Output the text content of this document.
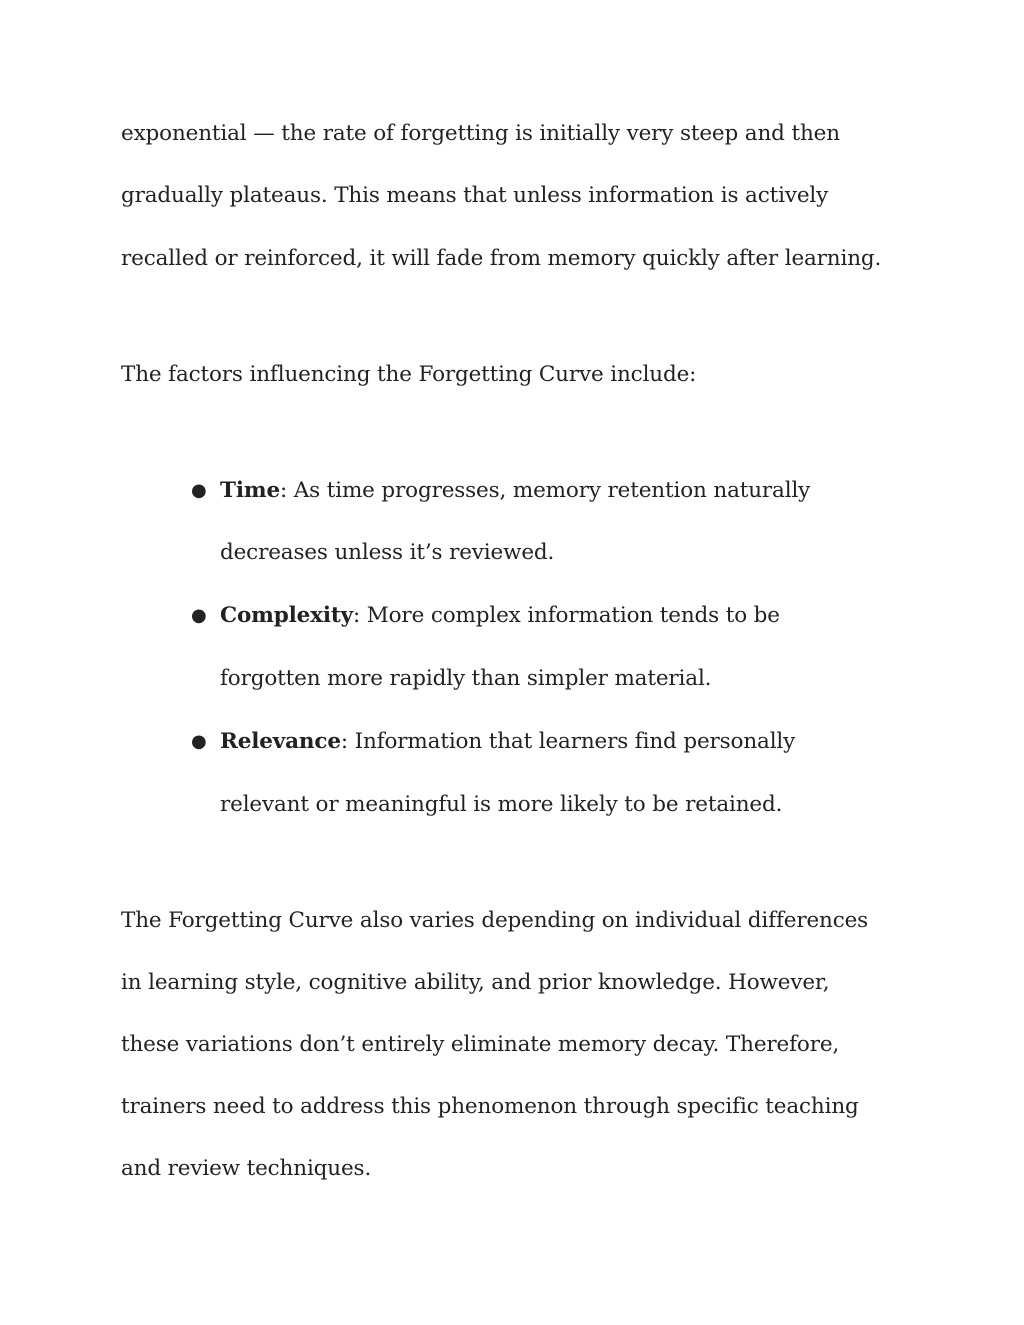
exponential — the rate of forgetting is initially very steep and then
gradually plateaus. This means that unless information is actively
recalled or reinforced, it will fade from memory quickly after learning.
The factors influencing the Forgetting Curve include:
● Time: As time progresses, memory retention naturally
decreases unless it’s reviewed.
● Complexity: More complex information tends to be
forgotten more rapidly than simpler material.
● Relevance: Information that learners find personally
relevant or meaningful is more likely to be retained.
The Forgetting Curve also varies depending on individual differences
in learning style, cognitive ability, and prior knowledge. However,
these variations don’t entirely eliminate memory decay. Therefore,
trainers need to address this phenomenon through specific teaching
and review techniques.
